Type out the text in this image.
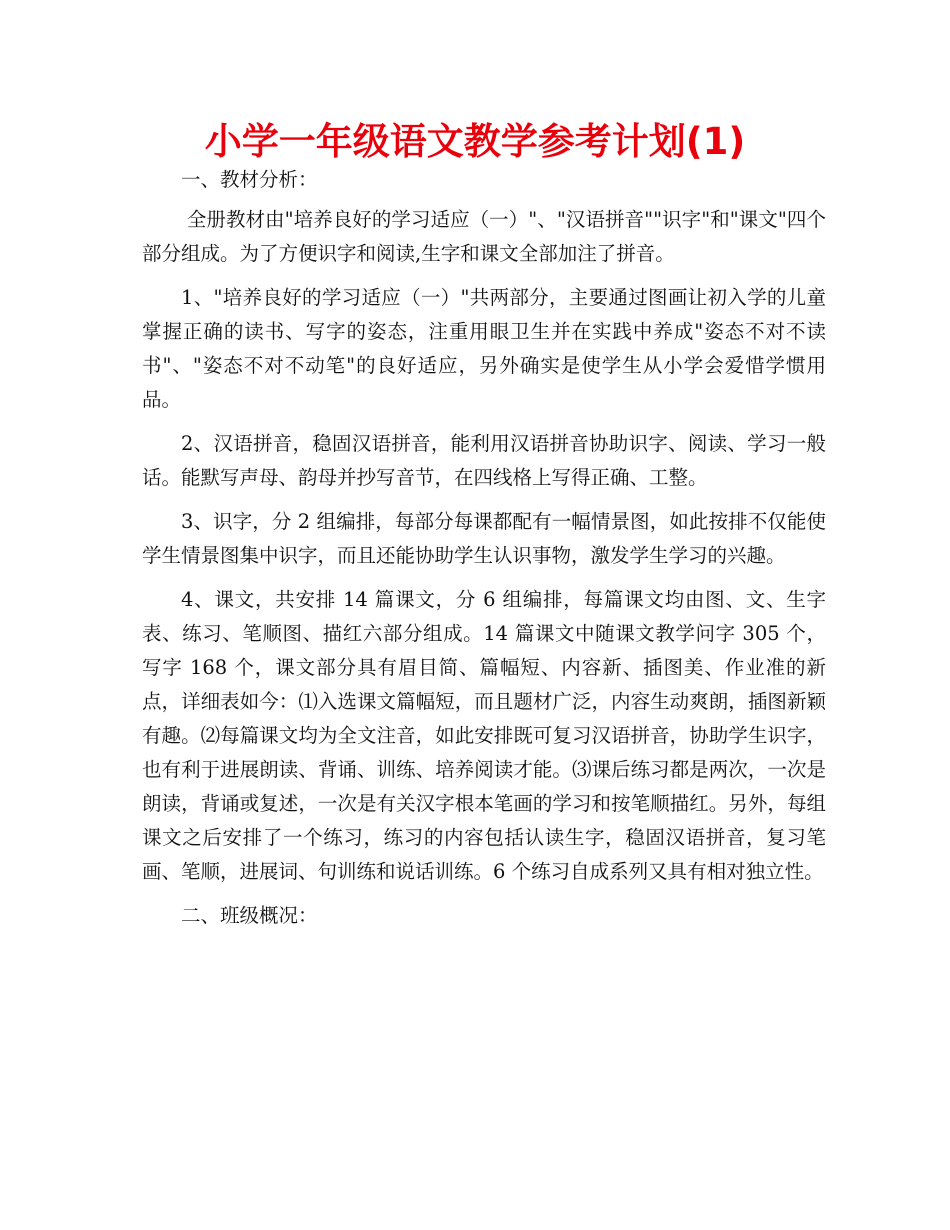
小学一年级语文教学参考计划(1)

一、教材分析：

全册教材由"培养良好的学习适应（一）"、"汉语拼音""识字"和"课文"四个部分组成。为了方便识字和阅读,生字和课文全部加注了拼音。

1、"培养良好的学习适应（一）"共两部分，主要通过图画让初入学的儿童掌握正确的读书、写字的姿态，注重用眼卫生并在实践中养成"姿态不对不读书"、"姿态不对不动笔"的良好适应，另外确实是使学生从小学会爱惜学惯用品。

2、汉语拼音，稳固汉语拼音，能利用汉语拼音协助识字、阅读、学习一般话。能默写声母、韵母并抄写音节，在四线格上写得正确、工整。

3、识字，分 2 组编排，每部分每课都配有一幅情景图，如此按排不仅能使学生情景图集中识字，而且还能协助学生认识事物，激发学生学习的兴趣。

4、课文，共安排 14 篇课文，分 6 组编排，每篇课文均由图、文、生字表、练习、笔顺图、描红六部分组成。14 篇课文中随课文教学问字 305 个，写字 168 个，课文部分具有眉目简、篇幅短、内容新、插图美、作业准的新点，详细表如今：⑴入选课文篇幅短，而且题材广泛，内容生动爽朗，插图新颖有趣。⑵每篇课文均为全文注音，如此安排既可复习汉语拼音，协助学生识字，也有利于进展朗读、背诵、训练、培养阅读才能。⑶课后练习都是两次，一次是朗读，背诵或复述，一次是有关汉字根本笔画的学习和按笔顺描红。另外，每组课文之后安排了一个练习，练习的内容包括认读生字，稳固汉语拼音，复习笔画、笔顺，进展词、句训练和说话训练。6 个练习自成系列又具有相对独立性。

二、班级概况：
